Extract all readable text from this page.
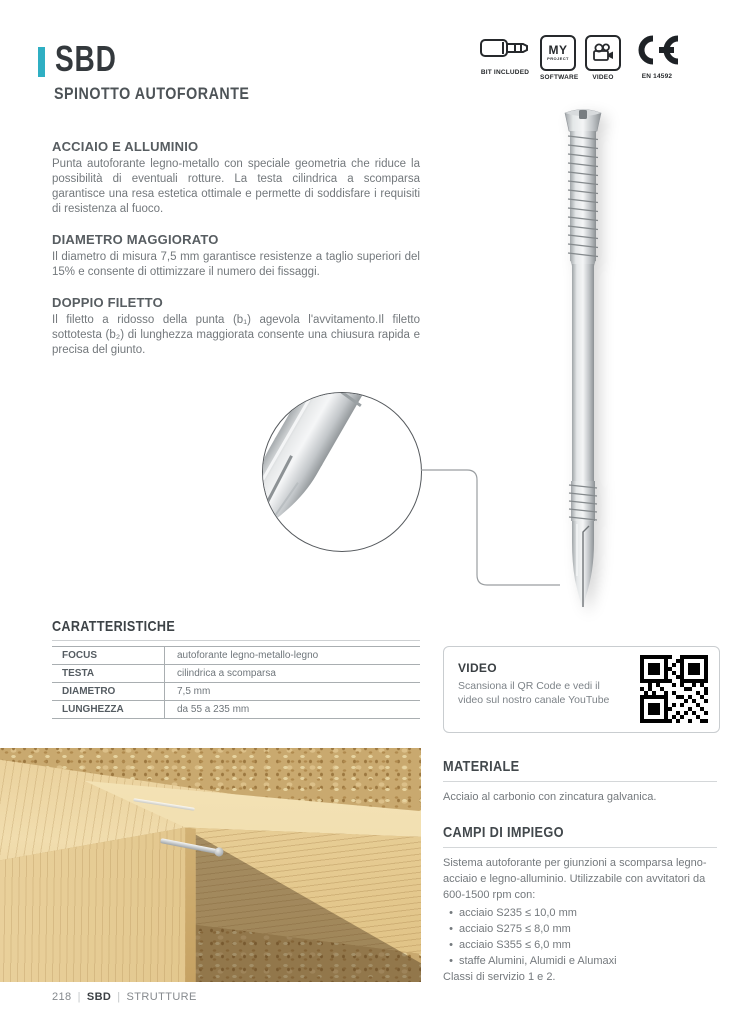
SBD
SPINOTTO AUTOFORANTE
BIT INCLUDED
MY
PROJECT
SOFTWARE	VIDEO	EN 14592
ACCIAIO E ALLUMINIO

Punta autoforante legno-metallo con speciale geometria che riduce la possibilità di eventuali rotture. La testa cilindrica a scomparsa garantisce una resa estetica ottimale e permette di soddisfare i requisiti di resistenza al fuoco.

DIAMETRO MAGGIORATO

Il diametro di misura 7,5 mm garantisce resistenze a taglio superiori del 15% e consente di ottimizzare il numero dei fissaggi.

DOPPIO FILETTO

Il filetto a ridosso della punta (b₁) agevola l'avvitamento.Il filetto sottotesta (b₂) di lunghezza maggiorata consente una chiusura rapida e precisa del giunto.

CARATTERISTICHE
FOCUS	autoforante legno-metallo-legno
TESTA	cilindrica a scomparsa
DIAMETRO	7,5 mm
LUNGHEZZA	da 55 a 235 mm
VIDEO

Scansiona il QR Code e vedi il video sul nostro canale YouTube

MATERIALE

Acciaio al carbonio con zincatura galvanica.

CAMPI DI IMPIEGO

Sistema autoforante per giunzioni a scomparsa legno-acciaio e legno-alluminio. Utilizzabile con avvitatori da 600-1500 rpm con:

• acciaio S235 ≤ 10,0 mm
• acciaio S275 ≤ 8,0 mm
• acciaio S355 ≤ 6,0 mm
• staffe Alumini, Alumidi e Alumaxi

Classi di servizio 1 e 2.

218 | SBD | STRUTTURE
